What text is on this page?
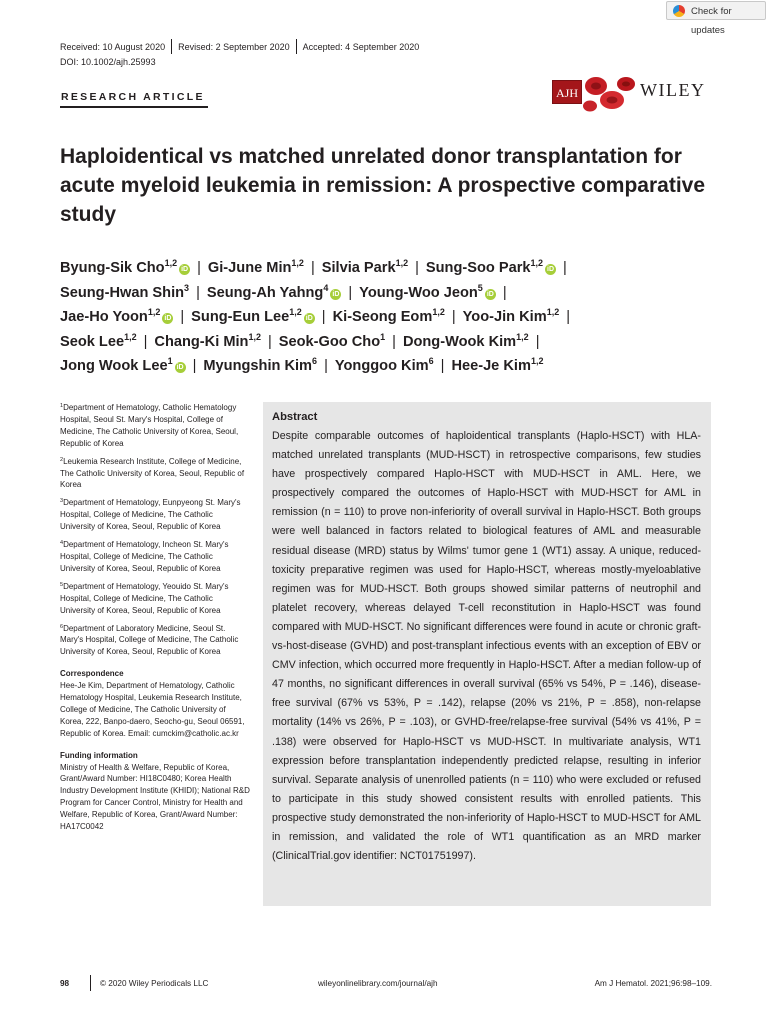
Check for updates
Received: 10 August 2020 Revised: 2 September 2020 Accepted: 4 September 2020
DOI: 10.1002/ajh.25993
RESEARCH ARTICLE	AJH	WILEY
Haploidentical vs matched unrelated donor transplantation for acute myeloid leukemia in remission: A prospective comparative study
Byung-Sik Cho$^{1,2}$iD | Gi-June Min$^{1,2}$ | Silvia Park$^{1,2}$ | Sung-Soo Park$^{1,2}$iD |
Seung-Hwan Shin$^3$ | Seung-Ah Yahng$^4$iD | Young-Woo Jeon$^5$iD |
Jae-Ho Yoon$^{1,2}$iD | Sung-Eun Lee$^{1,2}$iD | Ki-Seong Eom$^{1,2}$ | Yoo-Jin Kim$^{1,2}$ |
Seok Lee$^{1,2}$ | Chang-Ki Min$^{1,2}$ | Seok-Goo Cho$^1$ | Dong-Wook Kim$^{1,2}$ |
Jong Wook Lee$^1$iD | Myungshin Kim$^6$ | Yonggoo Kim$^6$ | Hee-Je Kim$^{1,2}$
$^1$Department of Hematology, Catholic Hematology Hospital, Seoul St. Mary's Hospital, College of Medicine, The Catholic University of Korea, Seoul, Republic of Korea
$^2$Leukemia Research Institute, College of Medicine, The Catholic University of Korea, Seoul, Republic of Korea
$^3$Department of Hematology, Eunpyeong St. Mary's Hospital, College of Medicine, The Catholic University of Korea, Seoul, Republic of Korea
$^4$Department of Hematology, Incheon St. Mary's Hospital, College of Medicine, The Catholic University of Korea, Seoul, Republic of Korea
$^5$Department of Hematology, Yeouido St. Mary's Hospital, College of Medicine, The Catholic University of Korea, Seoul, Republic of Korea
$^6$Department of Laboratory Medicine, Seoul St. Mary's Hospital, College of Medicine, The Catholic University of Korea, Seoul, Republic of Korea
Correspondence

Hee-Je Kim, Department of Hematology, Catholic Hematology Hospital, Leukemia Research Institute, College of Medicine, The Catholic University of Korea, 222, Banpo-daero, Seocho-gu, Seoul 06591, Republic of Korea. Email: cumckim@catholic.ac.kr

Funding information

Ministry of Health & Welfare, Republic of Korea, Grant/Award Number: HI18C0480; Korea Health Industry Development Institute (KHIDI); National R&D Program for Cancer Control, Ministry for Health and Welfare, Republic of Korea, Grant/Award Number: HA17C0042

Abstract

Despite comparable outcomes of haploidentical transplants (Haplo-HSCT) with HLA-matched unrelated transplants (MUD-HSCT) in retrospective comparisons, few studies have prospectively compared Haplo-HSCT with MUD-HSCT in AML. Here, we prospectively compared the outcomes of Haplo-HSCT with MUD-HSCT for AML in remission (n = 110) to prove non-inferiority of overall survival in Haplo-HSCT. Both groups were well balanced in factors related to biological features of AML and measurable residual disease (MRD) status by Wilms' tumor gene 1 (WT1) assay. A unique, reduced-toxicity preparative regimen was used for Haplo-HSCT, whereas mostly-myeloablative regimen was for MUD-HSCT. Both groups showed similar patterns of neutrophil and platelet recovery, whereas delayed T-cell reconstitution in Haplo-HSCT was found compared with MUD-HSCT. No significant differences were found in acute or chronic graft-vs-host-disease (GVHD) and post-transplant infectious events with an exception of EBV or CMV infection, which occurred more frequently in Haplo-HSCT. After a median follow-up of 47 months, no significant differences in overall survival (65% vs 54%, P = .146), disease-free survival (67% vs 53%, P = .142), relapse (20% vs 21%, P = .858), non-relapse mortality (14% vs 26%, P = .103), or GVHD-free/relapse-free survival (54% vs 41%, P = .138) were observed for Haplo-HSCT vs MUD-HSCT. In multivariate analysis, WT1 expression before transplantation independently predicted relapse, resulting in inferior survival. Separate analysis of unenrolled patients (n = 110) who were excluded or refused to participate in this study showed consistent results with enrolled patients. This prospective study demonstrated the non-inferiority of Haplo-HSCT to MUD-HSCT for AML in remission, and validated the role of WT1 quantification as an MRD marker (ClinicalTrial.gov identifier: NCT01751997).

98	© 2020 Wiley Periodicals LLC	wileyonlinelibrary.com/journal/ajh	Am J Hematol. 2021;96:98–109.
